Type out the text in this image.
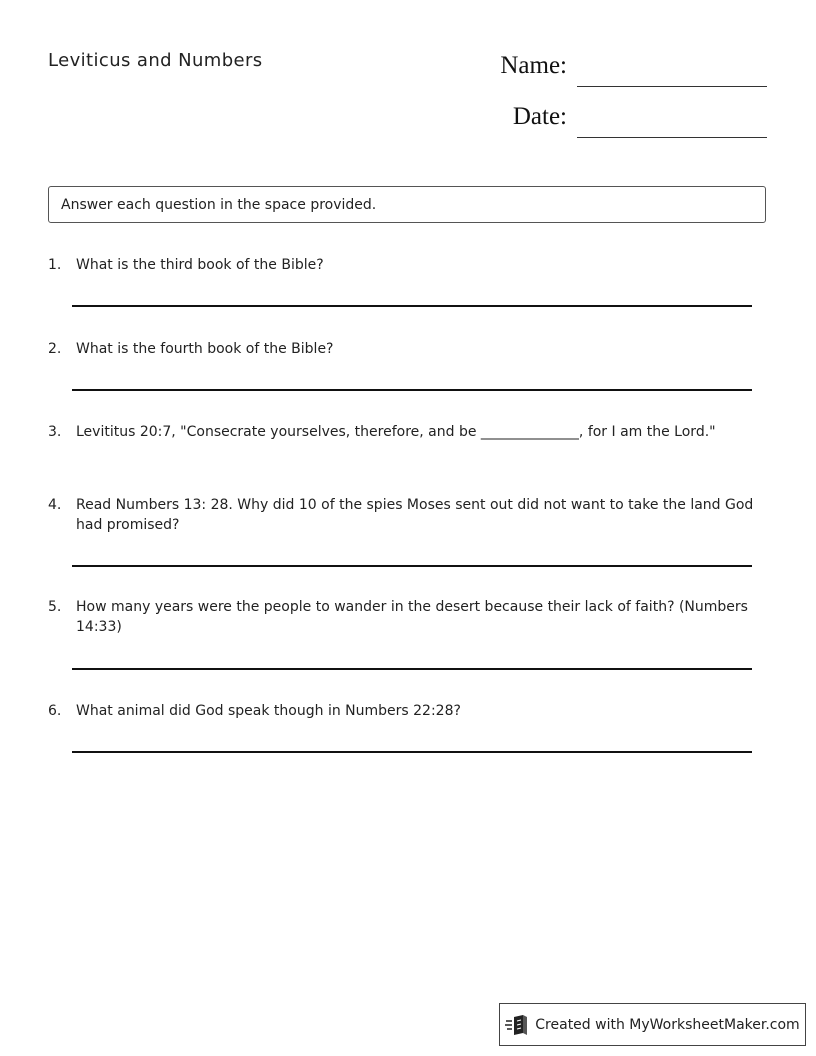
Leviticus and Numbers	Name:
Date:
Answer each question in the space provided.
1. What is the third book of the Bible?
2. What is the fourth book of the Bible?
3. Levititus 20:7, "Consecrate yourselves, therefore, and be ______________, for I am the Lord."
4. Read Numbers 13: 28. Why did 10 of the spies Moses sent out did not want to take the land God had promised?
5. How many years were the people to wander in the desert because their lack of faith? (Numbers 14:33)
6. What animal did God speak though in Numbers 22:28?
Created with MyWorksheetMaker.com
